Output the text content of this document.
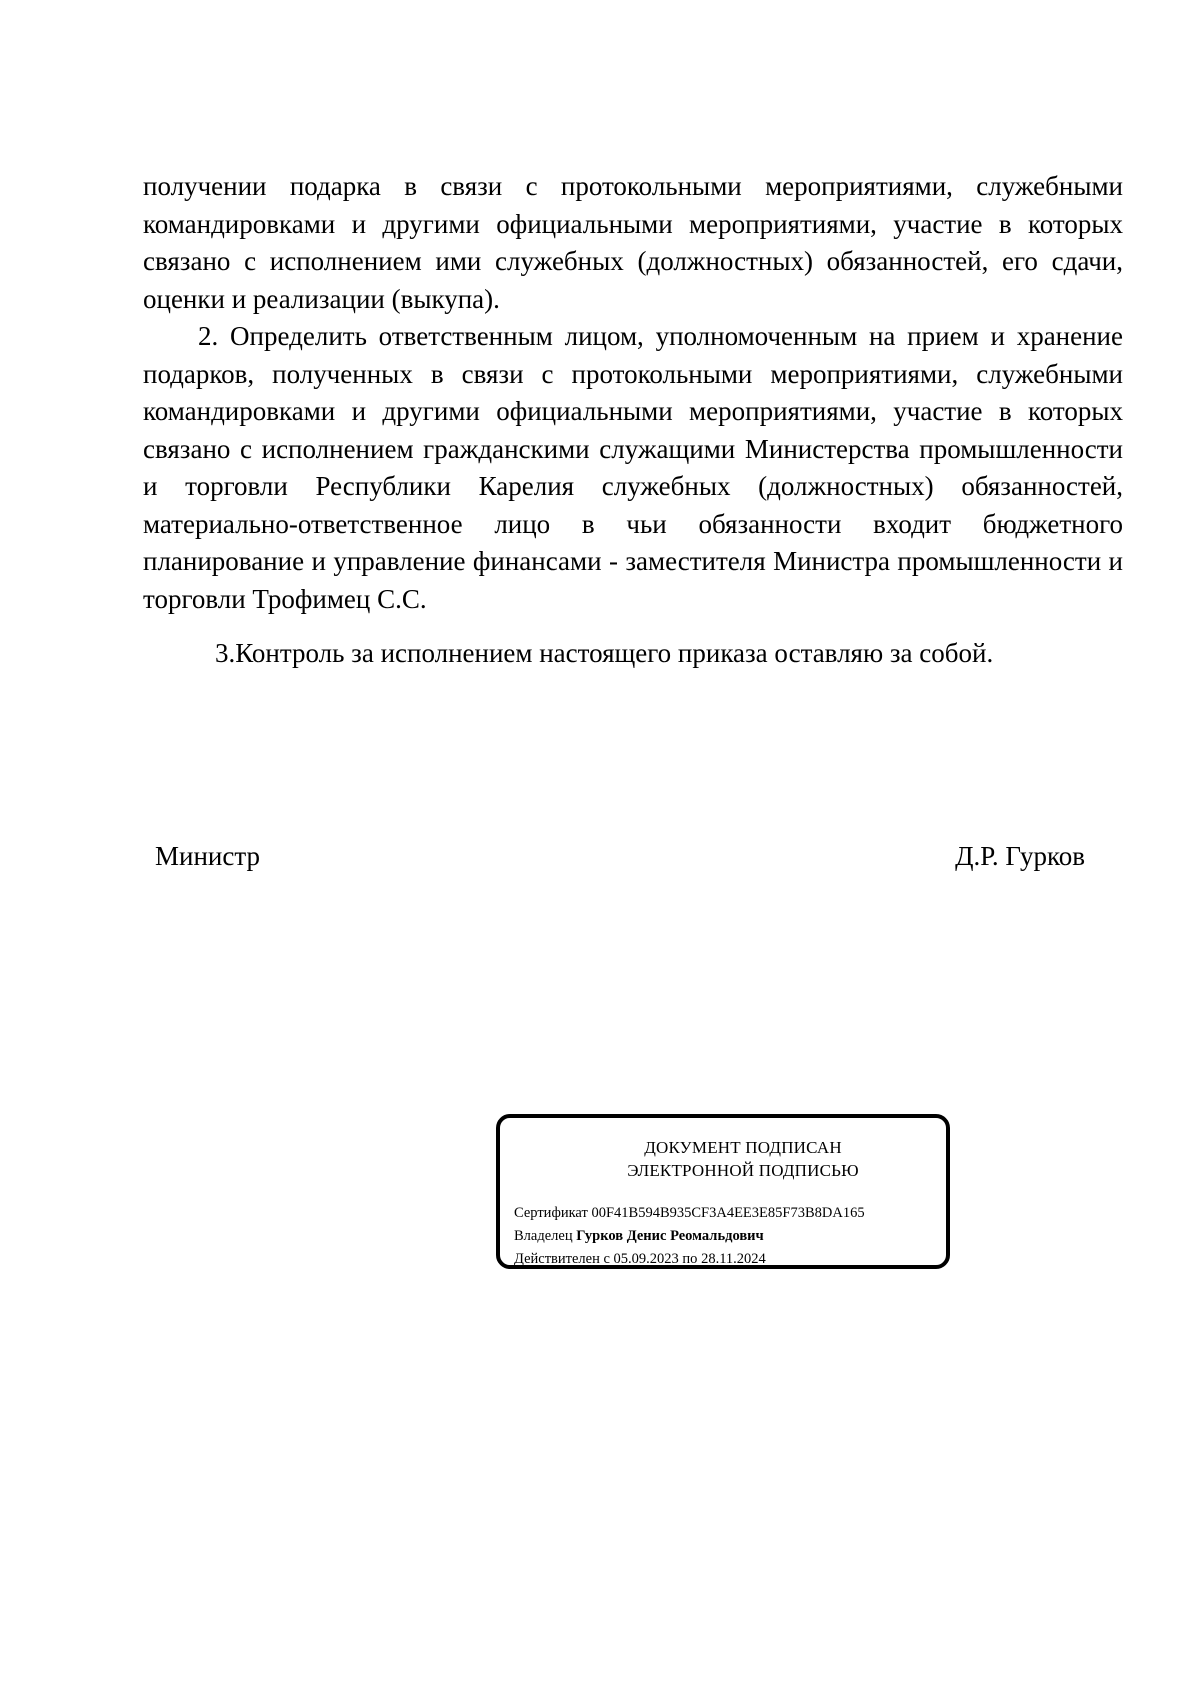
получении подарка в связи с протокольными мероприятиями, служебными командировками и другими официальными мероприятиями, участие в которых связано с исполнением ими служебных (должностных) обязанностей, его сдачи, оценки и реализации (выкупа).

2. Определить ответственным лицом, уполномоченным на прием и хранение подарков, полученных в связи с протокольными мероприятиями, служебными командировками и другими официальными мероприятиями, участие в которых связано с исполнением гражданскими служащими Министерства промышленности и торговли Республики Карелия служебных (должностных) обязанностей, материально-ответственное лицо в чьи обязанности входит бюджетного планирование и управление финансами - заместителя Министра промышленности и торговли Трофимец С.С.

3.Контроль за исполнением настоящего приказа оставляю за собой.

Министр	Д.Р. Гурков
ДОКУМЕНТ ПОДПИСАН
ЭЛЕКТРОННОЙ ПОДПИСЬЮ
Сертификат 00F41B594B935CF3A4EE3E85F73B8DA165
Владелец Гурков Денис Реомальдович
Действителен с 05.09.2023 по 28.11.2024
